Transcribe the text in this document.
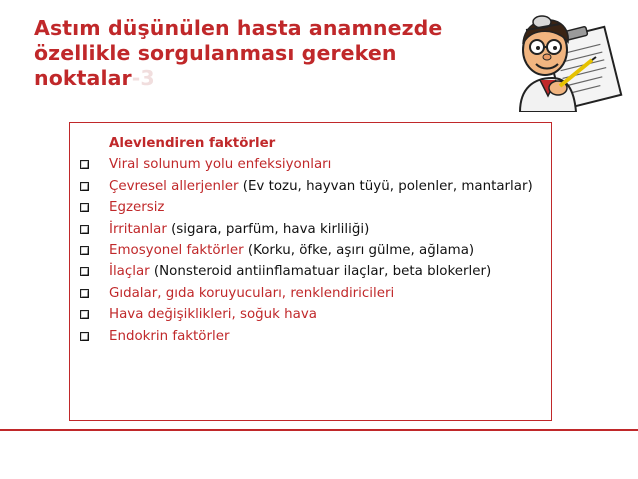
Astım düşünülen hasta anamnezde
özellikle sorgulanması gereken
noktalar-3
Alevlendiren faktörler
Viral solunum yolu enfeksiyonları
Çevresel allerjenler (Ev tozu, hayvan tüyü, polenler, mantarlar)
Egzersiz
İrritanlar (sigara, parfüm, hava kirliliği)
Emosyonel faktörler (Korku, öfke, aşırı gülme, ağlama)
İlaçlar (Nonsteroid antiinflamatuar ilaçlar, beta blokerler)
Gıdalar, gıda koruyucuları, renklendiricileri
Hava değişiklikleri, soğuk hava
Endokrin faktörler
